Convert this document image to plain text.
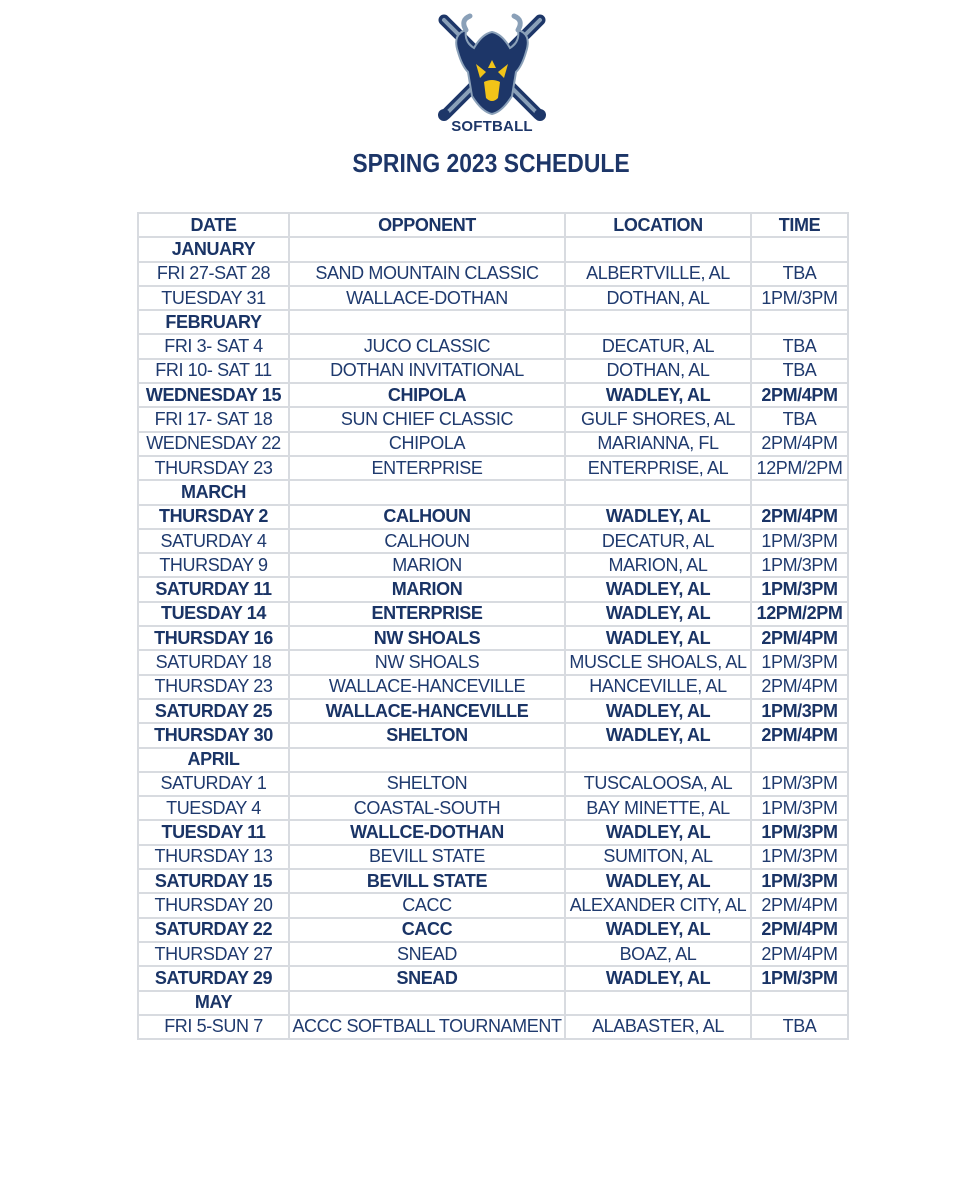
SOFTBALL
SPRING 2023 SCHEDULE
DATE	OPPONENT	LOCATION	TIME
JANUARY			
FRI 27-SAT 28	SAND MOUNTAIN CLASSIC	ALBERTVILLE, AL	TBA
TUESDAY 31	WALLACE-DOTHAN	DOTHAN, AL	1PM/3PM
FEBRUARY			
FRI 3- SAT 4	JUCO CLASSIC	DECATUR, AL	TBA
FRI 10- SAT 11	DOTHAN INVITATIONAL	DOTHAN, AL	TBA
WEDNESDAY 15	CHIPOLA	WADLEY, AL	2PM/4PM
FRI 17- SAT 18	SUN CHIEF CLASSIC	GULF SHORES, AL	TBA
WEDNESDAY 22	CHIPOLA	MARIANNA, FL	2PM/4PM
THURSDAY 23	ENTERPRISE	ENTERPRISE, AL	12PM/2PM
MARCH			
THURSDAY 2	CALHOUN	WADLEY, AL	2PM/4PM
SATURDAY 4	CALHOUN	DECATUR, AL	1PM/3PM
THURSDAY 9	MARION	MARION, AL	1PM/3PM
SATURDAY 11	MARION	WADLEY, AL	1PM/3PM
TUESDAY 14	ENTERPRISE	WADLEY, AL	12PM/2PM
THURSDAY 16	NW SHOALS	WADLEY, AL	2PM/4PM
SATURDAY 18	NW SHOALS	MUSCLE SHOALS, AL	1PM/3PM
THURSDAY 23	WALLACE-HANCEVILLE	HANCEVILLE, AL	2PM/4PM
SATURDAY 25	WALLACE-HANCEVILLE	WADLEY, AL	1PM/3PM
THURSDAY 30	SHELTON	WADLEY, AL	2PM/4PM
APRIL			
SATURDAY 1	SHELTON	TUSCALOOSA, AL	1PM/3PM
TUESDAY 4	COASTAL-SOUTH	BAY MINETTE, AL	1PM/3PM
TUESDAY 11	WALLCE-DOTHAN	WADLEY, AL	1PM/3PM
THURSDAY 13	BEVILL STATE	SUMITON, AL	1PM/3PM
SATURDAY 15	BEVILL STATE	WADLEY, AL	1PM/3PM
THURSDAY 20	CACC	ALEXANDER CITY, AL	2PM/4PM
SATURDAY 22	CACC	WADLEY, AL	2PM/4PM
THURSDAY 27	SNEAD	BOAZ, AL	2PM/4PM
SATURDAY 29	SNEAD	WADLEY, AL	1PM/3PM
MAY			
FRI 5-SUN 7	ACCC SOFTBALL TOURNAMENT	ALABASTER, AL	TBA
